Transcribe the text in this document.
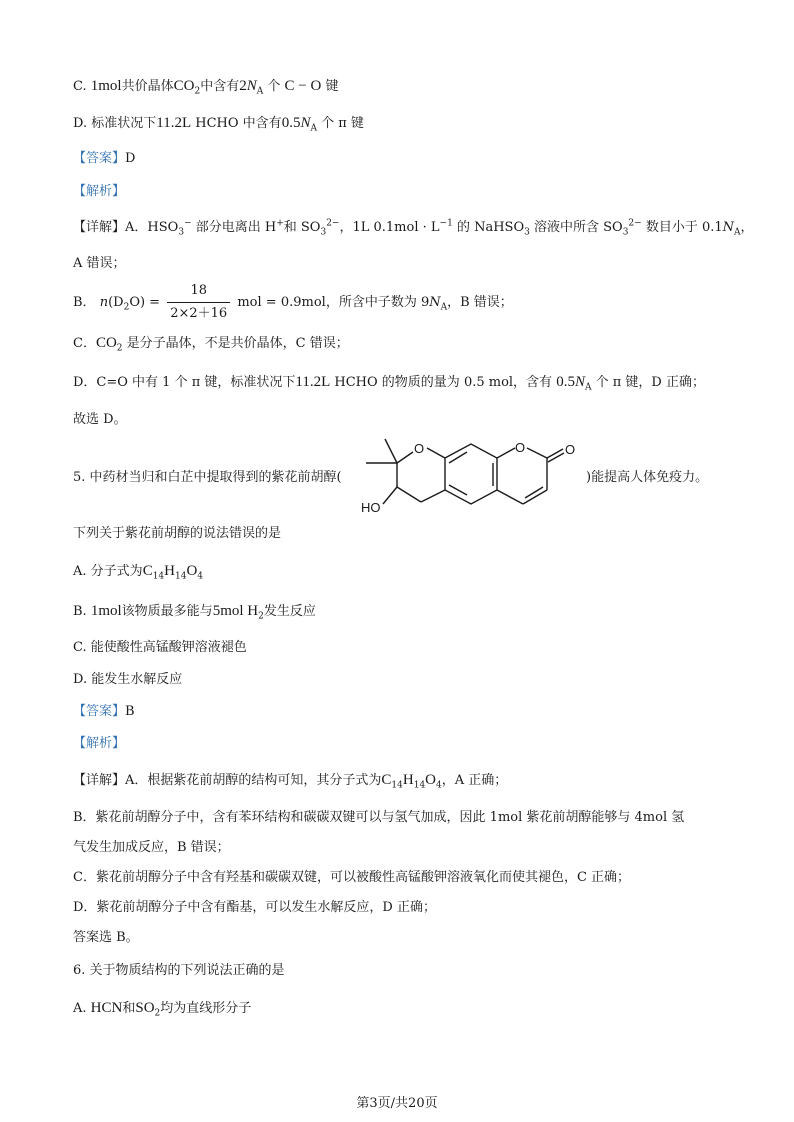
C. 1mol共价晶体$CO_2$中含有$2N_A$ 个 C − O 键
D. 标准状况下11.2L HCHO 中含有$0.5N_A$ 个 π 键
【答案】D
【解析】
【详解】A．$HSO_3^-$ 部分电离出 H+和 $SO_3^{2-}$，1L $0.1mol \cdot L^{-1}$ 的 NaHSO$_3$ 溶液中所含 $SO_3^{2-}$ 数目小于 $0.1N_A$，
A 错误；
B． $n(D_2O) = \frac{18}{2\times 2+16}$ mol = 0.9mol，所含中子数为 $9N_A$，B 错误；
C．$CO_2$ 是分子晶体，不是共价晶体，C 错误；
D．C=O 中有 1 个 π 键，标准状况下11.2L HCHO 的物质的量为 0.5 mol，含有 $0.5N_A$ 个 π 键，D 正确；
故选 D。
5. 中药材当归和白芷中提取得到的紫花前胡醇(	)能提高人体免疫力。
O	O	O
HO
下列关于紫花前胡醇的说法错误的是
A. 分子式为$C_{14}H_{14}O_4$
B. 1mol该物质最多能与5mol $H_2$发生反应
C. 能使酸性高锰酸钾溶液褪色
D. 能发生水解反应
【答案】B
【解析】
【详解】A．根据紫花前胡醇的结构可知，其分子式为$C_{14}H_{14}O_4$，A 正确；
B．紫花前胡醇分子中，含有苯环结构和碳碳双键可以与氢气加成，因此 1mol 紫花前胡醇能够与 4mol 氢
气发生加成反应，B 错误；
C．紫花前胡醇分子中含有羟基和碳碳双键，可以被酸性高锰酸钾溶液氧化而使其褪色，C 正确；
D．紫花前胡醇分子中含有酯基，可以发生水解反应，D 正确；
答案选 B。
6. 关于物质结构的下列说法正确的是
A. HCN和$SO_2$均为直线形分子
第3页/共20页
